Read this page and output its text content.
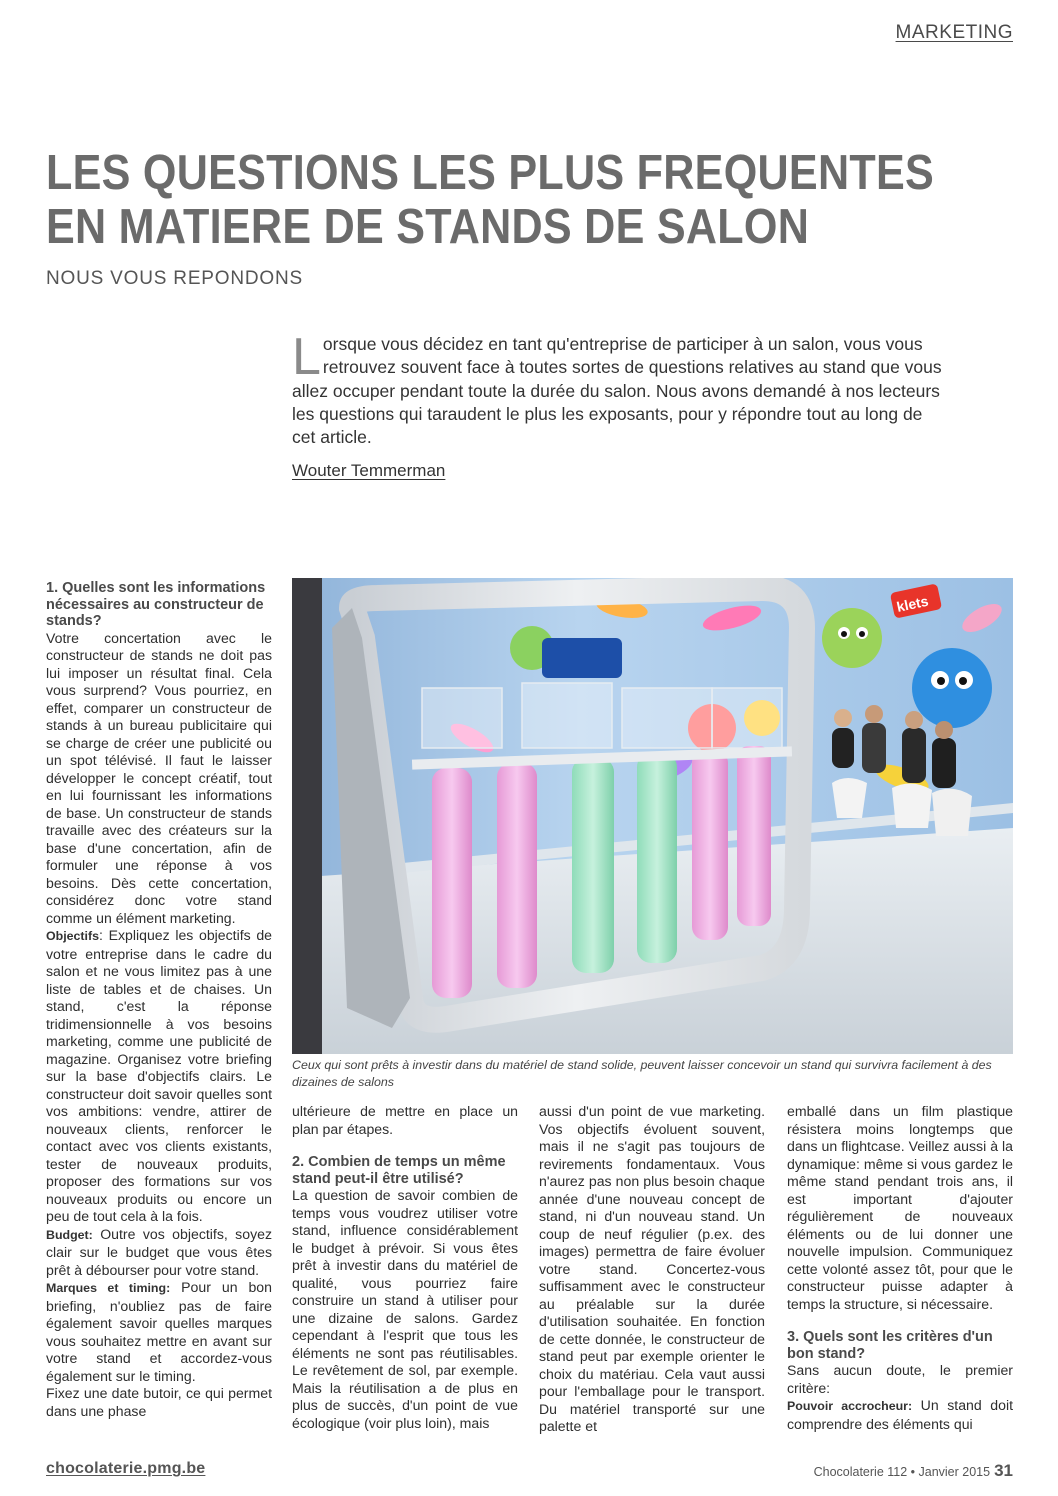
MARKETING
LES QUESTIONS LES PLUS FREQUENTES
EN MATIERE DE STANDS DE SALON
NOUS VOUS REPONDONS
Lorsque vous décidez en tant qu'entreprise de participer à un salon, vous vous retrouvez souvent face à toutes sortes de questions relatives au stand que vous allez occuper pendant toute la durée du salon. Nous avons demandé à nos lecteurs les questions qui taraudent le plus les exposants, pour y répondre tout au long de cet article.
Wouter Temmerman
klets
Ceux qui sont prêts à investir dans du matériel de stand solide, peuvent laisser concevoir un stand qui survivra facilement à des dizaines de salons
1. Quelles sont les informations nécessaires au constructeur de stands?

Votre concertation avec le constructeur de stands ne doit pas lui imposer un résultat final. Cela vous surprend? Vous pourriez, en effet, comparer un constructeur de stands à un bureau publicitaire qui se charge de créer une publicité ou un spot télévisé. Il faut le laisser développer le concept créatif, tout en lui fournissant les informations de base. Un constructeur de stands travaille avec des créateurs sur la base d'une concertation, afin de formuler une réponse à vos besoins. Dès cette concertation, considérez donc votre stand comme un élément marketing.

Objectifs: Expliquez les objectifs de votre entreprise dans le cadre du salon et ne vous limitez pas à une liste de tables et de chaises. Un stand, c'est la réponse tridimensionnelle à vos besoins marketing, comme une publicité de magazine. Organisez votre briefing sur la base d'objectifs clairs. Le constructeur doit savoir quelles sont vos ambitions: vendre, attirer de nouveaux clients, renforcer le contact avec vos clients existants, tester de nouveaux produits, proposer des formations sur vos nouveaux produits ou encore un peu de tout cela à la fois.

Budget: Outre vos objectifs, soyez clair sur le budget que vous êtes prêt à débourser pour votre stand.

Marques et timing: Pour un bon briefing, n'oubliez pas de faire également savoir quelles marques vous souhaitez mettre en avant sur votre stand et accordez-vous également sur le timing.

Fixez une date butoir, ce qui permet dans une phase

ultérieure de mettre en place un plan par étapes.

2. Combien de temps un même stand peut-il être utilisé?

La question de savoir combien de temps vous voudrez utiliser votre stand, influence considérablement le budget à prévoir. Si vous êtes prêt à investir dans du matériel de qualité, vous pourriez faire construire un stand à utiliser pour une dizaine de salons. Gardez cependant à l'esprit que tous les éléments ne sont pas réutilisables. Le revêtement de sol, par exemple. Mais la réutilisation a de plus en plus de succès, d'un point de vue écologique (voir plus loin), mais

aussi d'un point de vue marketing. Vos objectifs évoluent souvent, mais il ne s'agit pas toujours de revirements fondamentaux. Vous n'aurez pas non plus besoin chaque année d'une nouveau concept de stand, ni d'un nouveau stand. Un coup de neuf régulier (p.ex. des images) permettra de faire évoluer votre stand. Concertez-vous suffisamment avec le constructeur au préalable sur la durée d'utilisation souhaitée. En fonction de cette donnée, le constructeur de stand peut par exemple orienter le choix du matériau. Cela vaut aussi pour l'emballage pour le transport. Du matériel transporté sur une palette et

emballé dans un film plastique résistera moins longtemps que dans un flightcase. Veillez aussi à la dynamique: même si vous gardez le même stand pendant trois ans, il est important d'ajouter régulièrement de nouveaux éléments ou de lui donner une nouvelle impulsion. Communiquez cette volonté assez tôt, pour que le constructeur puisse adapter à temps la structure, si nécessaire.

3. Quels sont les critères d'un bon stand?

Sans aucun doute, le premier critère:

Pouvoir accrocheur: Un stand doit comprendre des éléments qui

chocolaterie.pmg.be	Chocolaterie 112 • Janvier 2015 31
